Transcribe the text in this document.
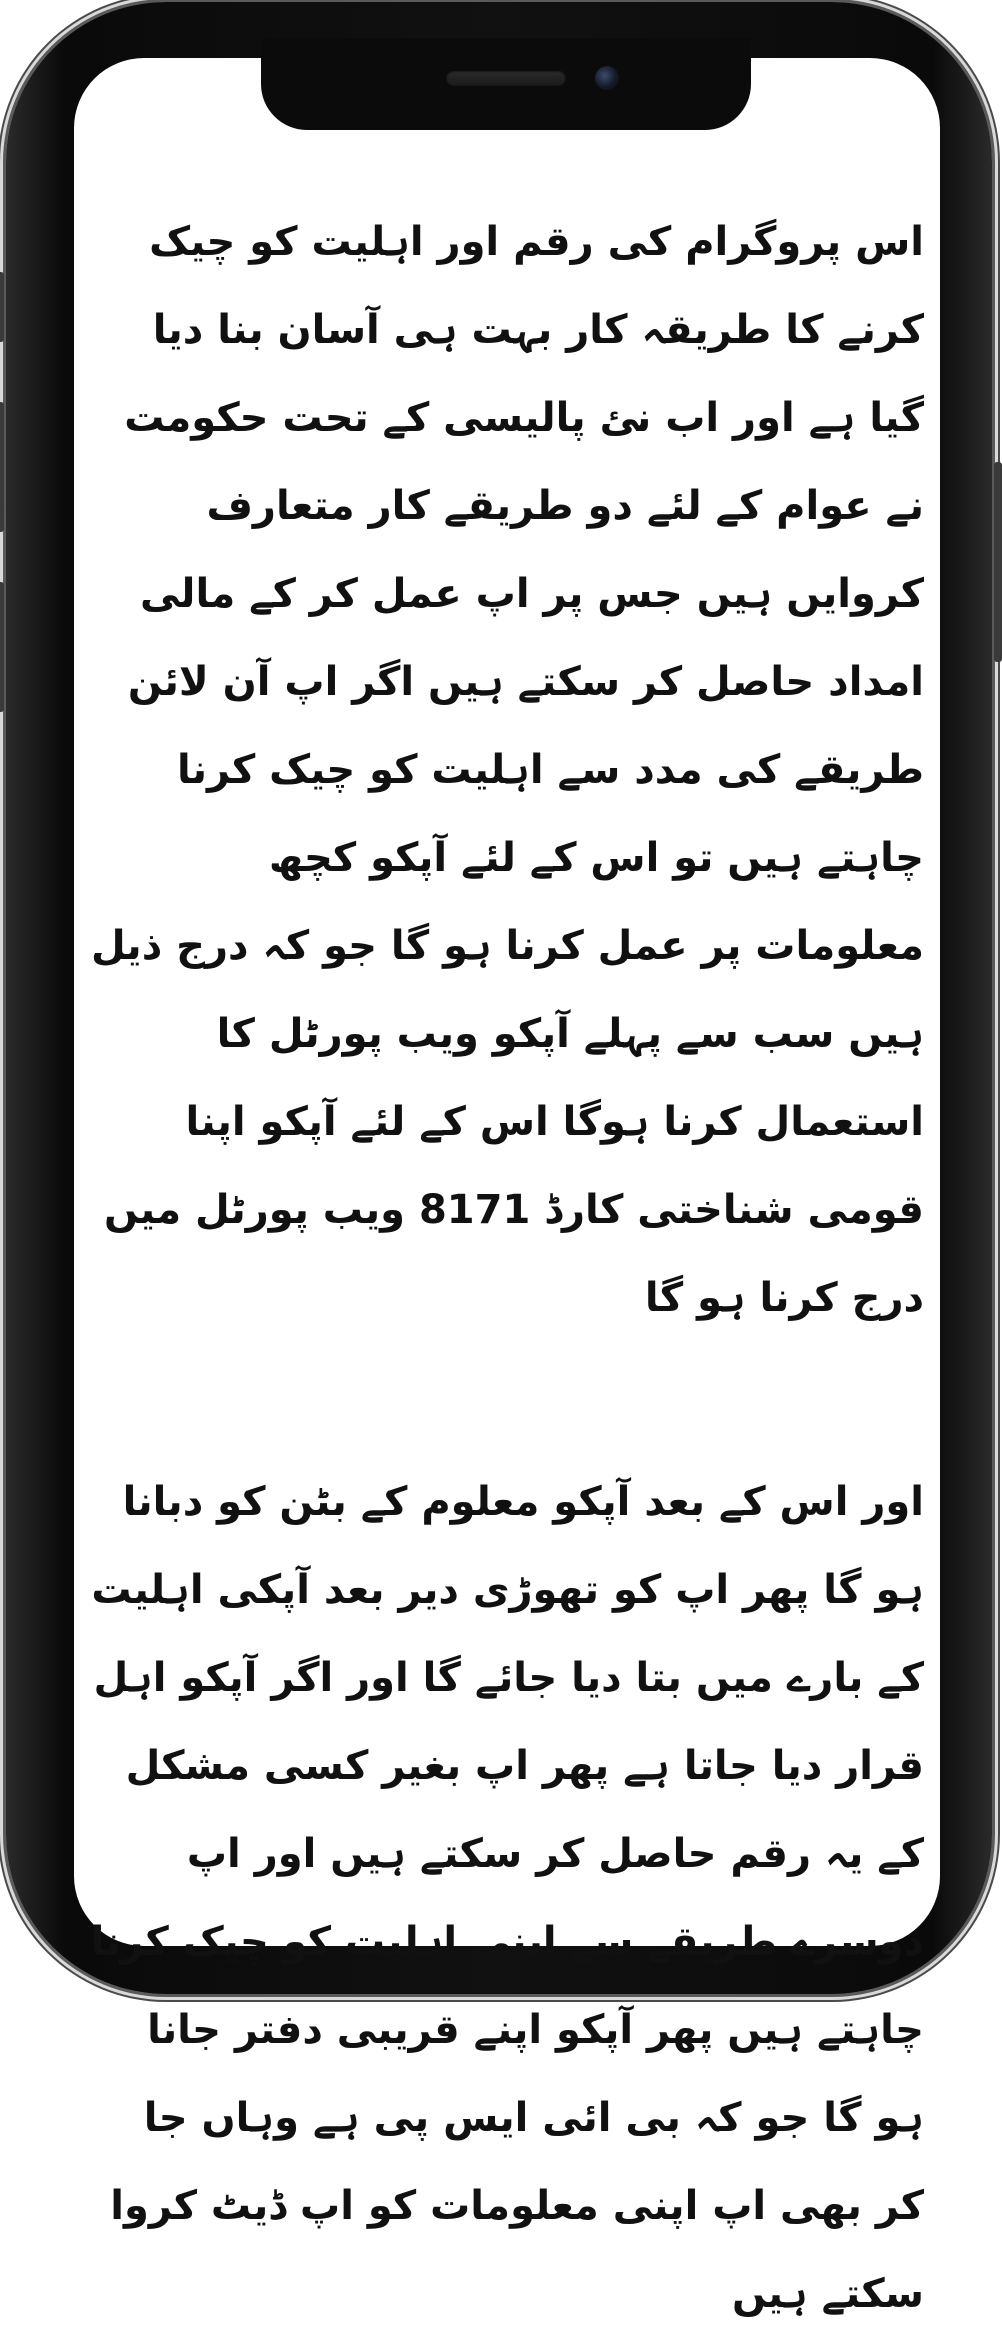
اس پروگرام کی رقم اور اہلیت کو چیک کرنے کا طریقہ کار بہت ہی آسان بنا دیا گیا ہے اور اب نئ پالیسی کے تحت حکومت نے عوام کے لئے دو طریقے کار متعارف کروایں ہیں جس پر اپ عمل کر کے مالی امداد حاصل کر سکتے ہیں اگر اپ آن لائن طریقے کی مدد سے اہلیت کو چیک کرنا چاہتے ہیں تو اس کے لئے آپکو کچھ معلومات پر عمل کرنا ہو گا جو کہ درج ذیل ہیں سب سے پہلے آپکو ویب پورٹل کا استعمال کرنا ہوگا اس کے لئے آپکو اپنا قومی شناختی کارڈ 8171 ویب پورٹل میں درج کرنا ہو گا

اور اس کے بعد آپکو معلوم کے بٹن کو دبانا ہو گا پھر اپ کو تھوڑی دیر بعد آپکی اہلیت کے بارے میں بتا دیا جائے گا اور اگر آپکو اہل قرار دیا جاتا ہے پھر اپ بغیر کسی مشکل کے یہ رقم حاصل کر سکتے ہیں اور اپ دوسرے طریقے سے اپنی اہلیت کو چیک کرنا چاہتے ہیں پھر آپکو اپنے قریبی دفتر جانا ہو گا جو کہ بی ائی ایس پی ہے وہاں جا کر بھی اپ اپنی معلومات کو اپ ڈیٹ کروا سکتے ہیں
